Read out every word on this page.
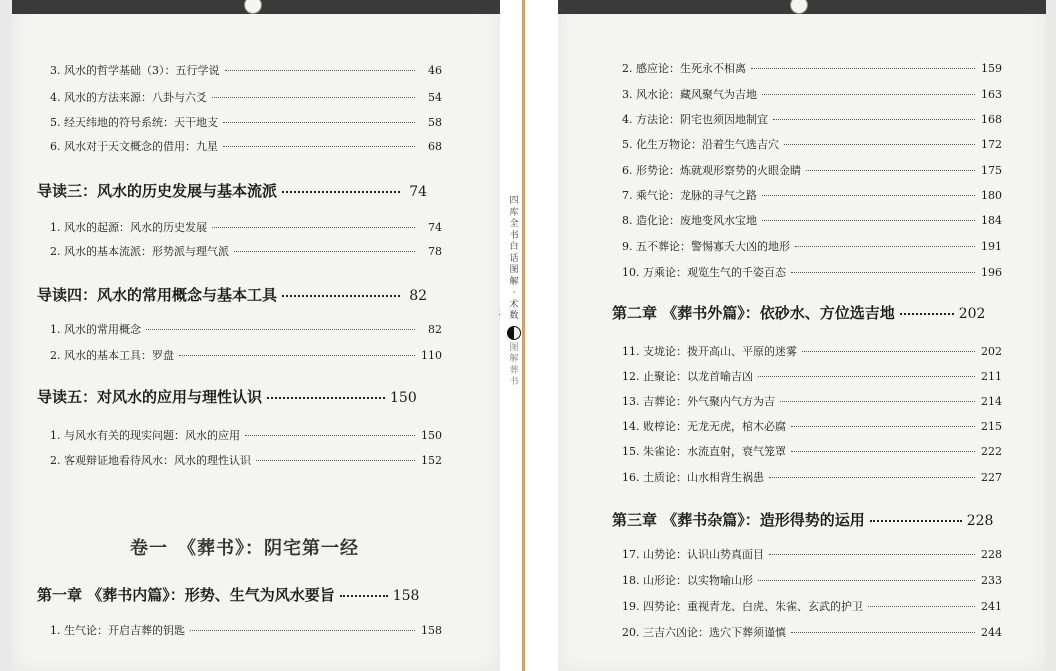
3. 风水的哲学基础（3）：五行学说	46
4. 风水的方法来源：八卦与六爻	54
5. 经天纬地的符号系统：天干地支	58
6. 风水对于天文概念的借用：九星	68
导读三：风水的历史发展与基本流派	74
1. 风水的起源：风水的历史发展	74
2. 风水的基本流派：形势派与理气派	78
导读四：风水的常用概念与基本工具	82
1. 风水的常用概念	82
2. 风水的基本工具：罗盘	110
导读五：对风水的应用与理性认识	150
1. 与风水有关的现实问题：风水的应用	150
2. 客观辩证地看待风水：风水的理性认识	152
卷一　《葬书》：阴宅第一经
第一章 《葬书内篇》：形势、生气为风水要旨	158
1. 生气论：开启吉葬的钥匙	158
四
库
全
书
白
话
图
解
·
术
数
图
解
葬
书
2. 感应论：生死永不相离	159
3. 风水论：藏风聚气为吉地	163
4. 方法论：阴宅也须因地制宜	168
5. 化生万物论：沿着生气选吉穴	172
6. 形势论：炼就观形察势的火眼金睛	175
7. 乘气论：龙脉的寻气之路	180
8. 造化论：废地变风水宝地	184
9. 五不葬论：警惕寡夭大凶的地形	191
10. 万乘论：观览生气的千姿百态	196
第二章 《葬书外篇》：依砂水、方位选吉地	202
11. 支垅论：拨开高山、平原的迷雾	202
12. 止聚论：以龙首喻吉凶	211
13. 吉葬论：外气聚内气方为吉	214
14. 败椁论：无龙无虎，棺木必腐	215
15. 朱雀论：水流直射，衰气笼罩	222
16. 土质论：山水相背生祸患	227
第三章 《葬书杂篇》：造形得势的运用	228
17. 山势论：认识山势真面目	228
18. 山形论：以实物喻山形	233
19. 四势论：重视青龙、白虎、朱雀、玄武的护卫	241
20. 三吉六凶论：选穴下葬须谨慎	244
